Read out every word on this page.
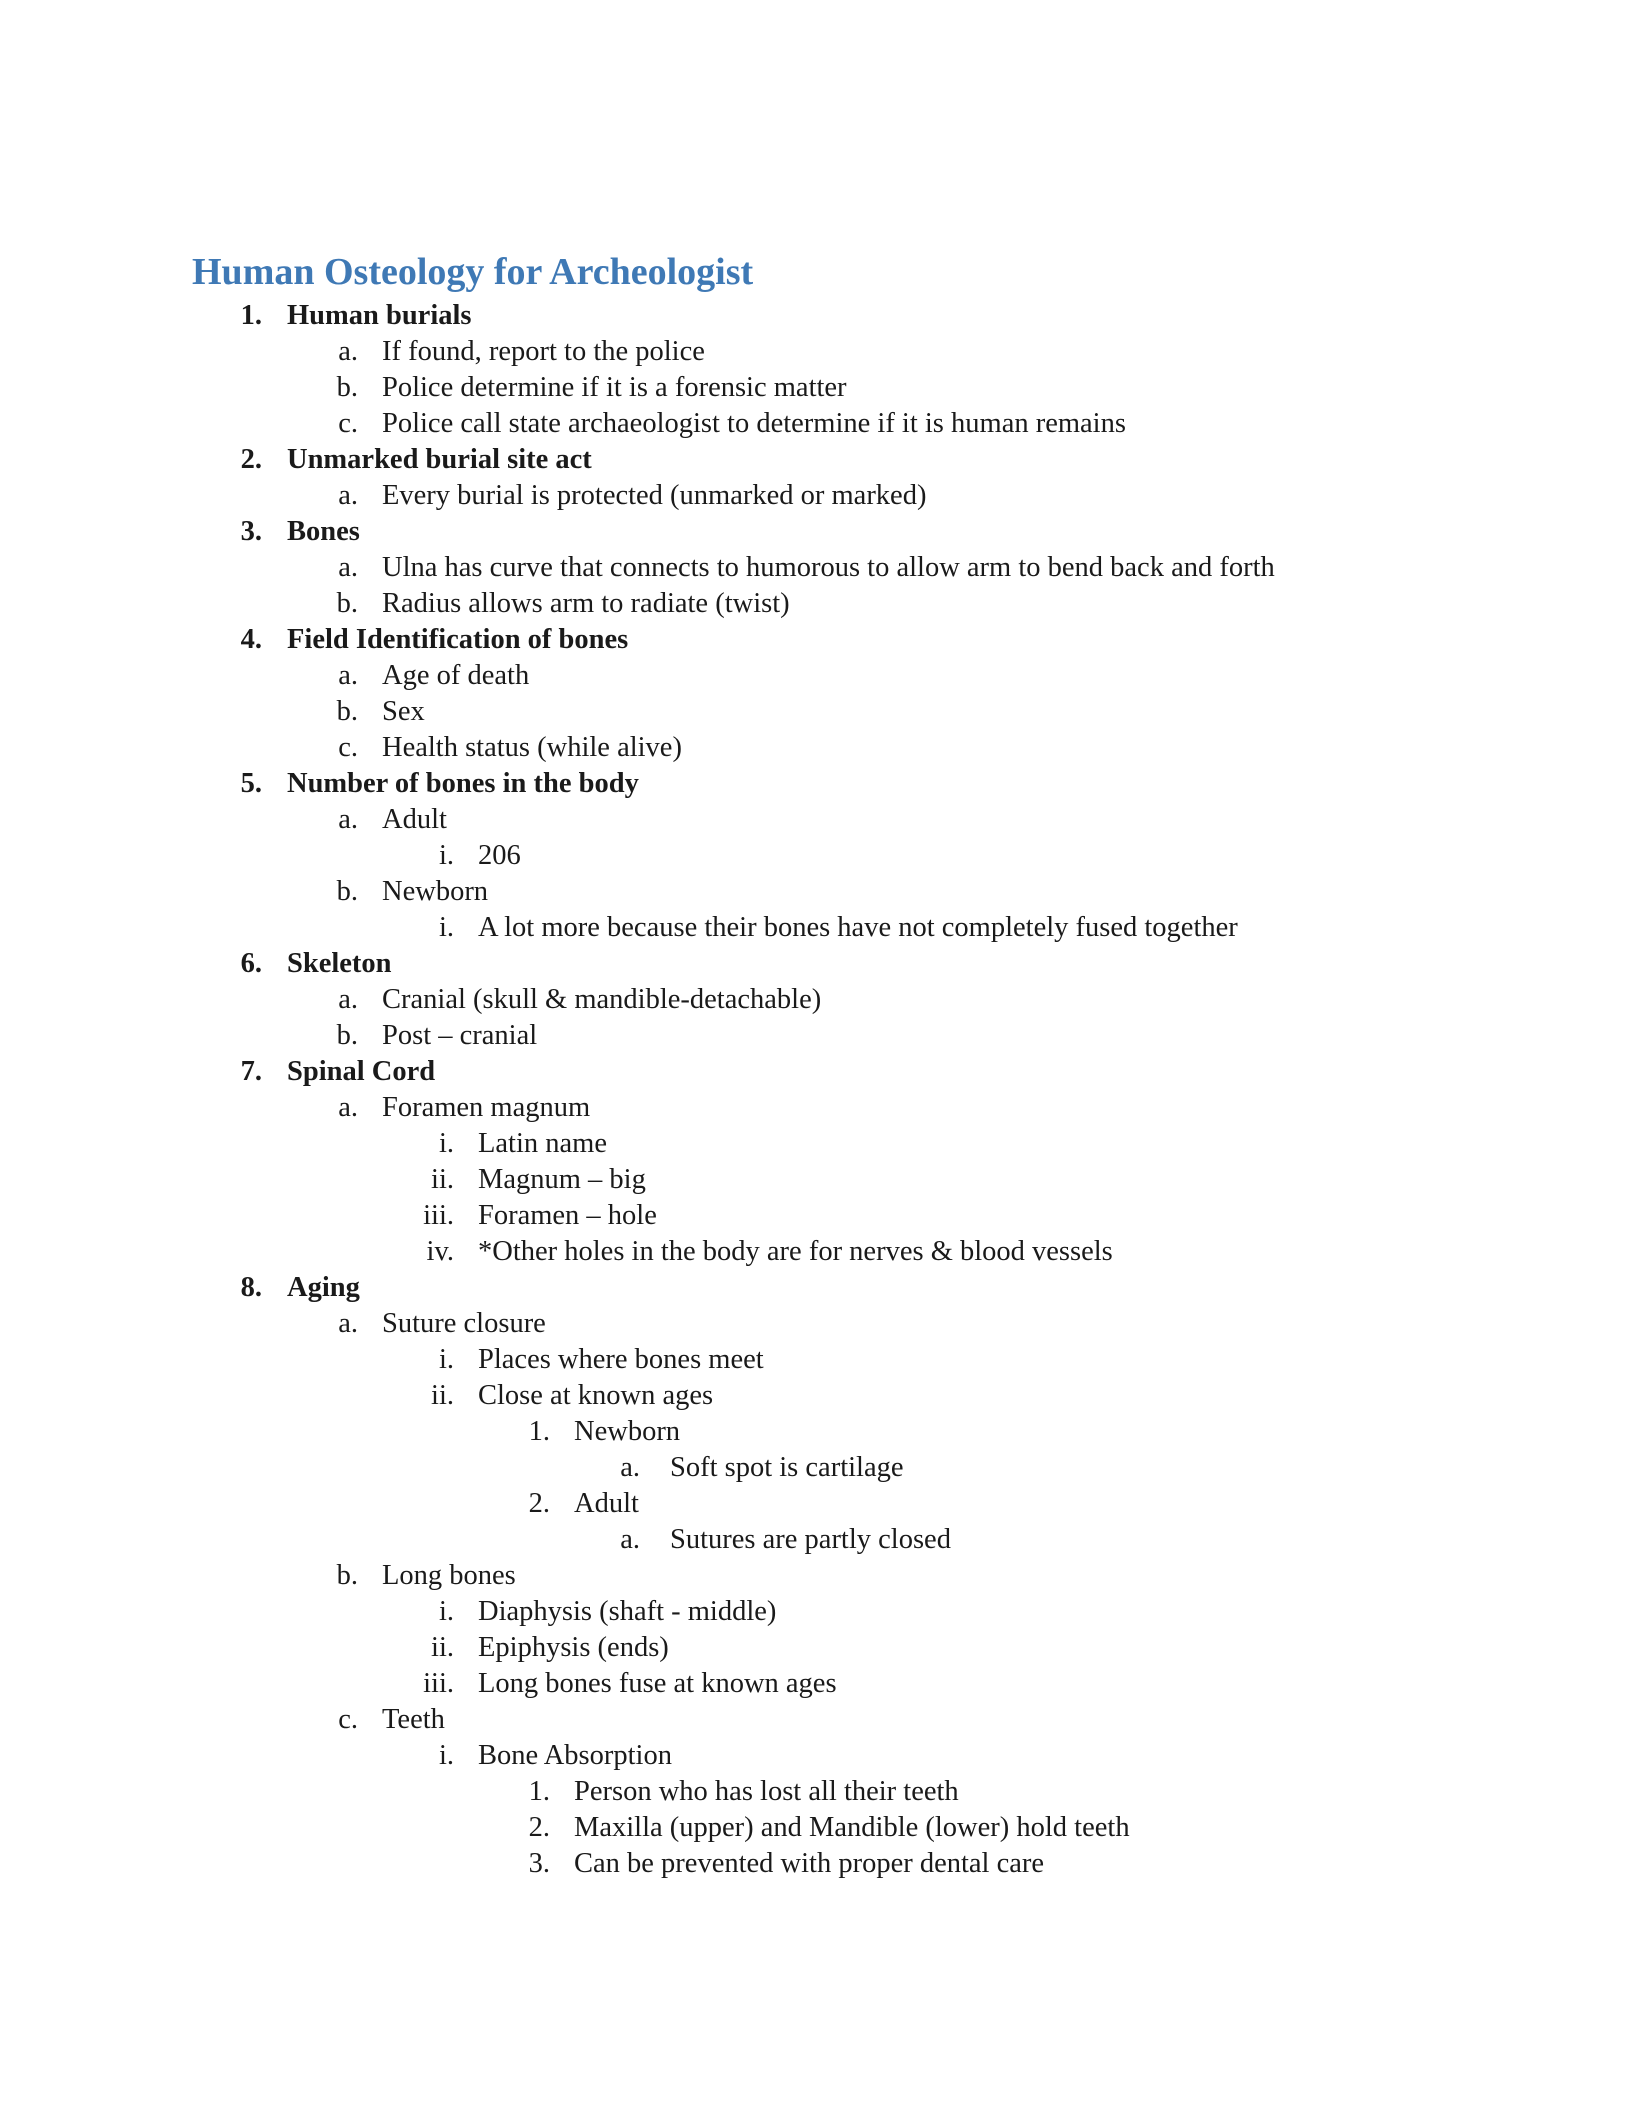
Human Osteology for Archeologist
1. Human burials
a. If found, report to the police
b. Police determine if it is a forensic matter
c. Police call state archaeologist to determine if it is human remains
2. Unmarked burial site act
a. Every burial is protected (unmarked or marked)
3. Bones
a. Ulna has curve that connects to humorous to allow arm to bend back and forth
b. Radius allows arm to radiate (twist)
4. Field Identification of bones
a. Age of death
b. Sex
c. Health status (while alive)
5. Number of bones in the body
a. Adult
i. 206
b. Newborn
i. A lot more because their bones have not completely fused together
6. Skeleton
a. Cranial (skull & mandible-detachable)
b. Post – cranial
7. Spinal Cord
a. Foramen magnum
i. Latin name
ii. Magnum – big
iii. Foramen – hole
iv. *Other holes in the body are for nerves & blood vessels
8. Aging
a. Suture closure
i. Places where bones meet
ii. Close at known ages
1. Newborn
a. Soft spot is cartilage
2. Adult
a. Sutures are partly closed
b. Long bones
i. Diaphysis (shaft - middle)
ii. Epiphysis (ends)
iii. Long bones fuse at known ages
c. Teeth
i. Bone Absorption
1. Person who has lost all their teeth
2. Maxilla (upper) and Mandible (lower) hold teeth
3. Can be prevented with proper dental care
